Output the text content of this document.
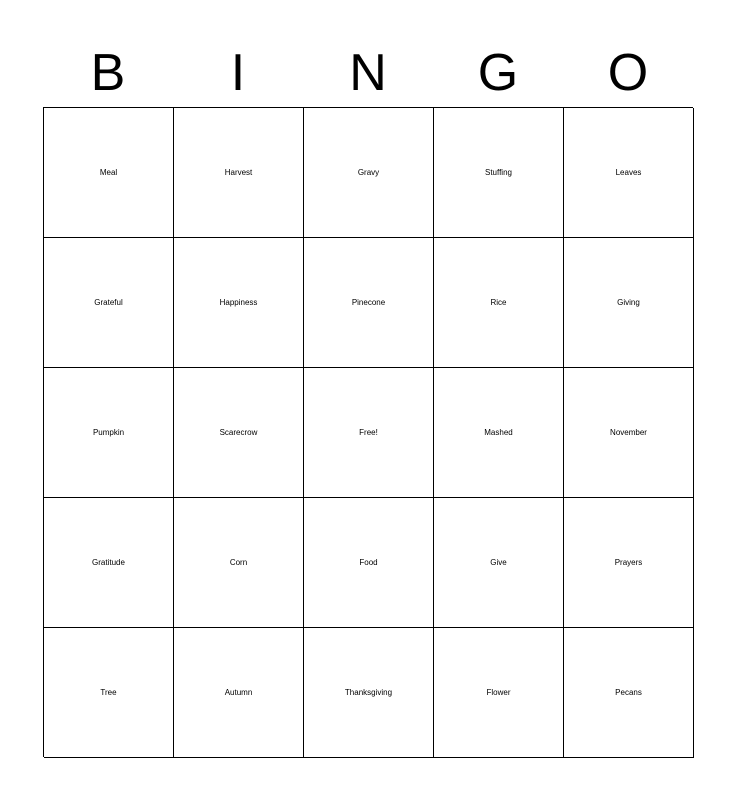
B	I	N	G	O
Meal	Harvest	Gravy	Stuffing	Leaves
Grateful	Happiness	Pinecone	Rice	Giving
Pumpkin	Scarecrow	Free!	Mashed	November
Gratitude	Corn	Food	Give	Prayers
Tree	Autumn	Thanksgiving	Flower	Pecans
